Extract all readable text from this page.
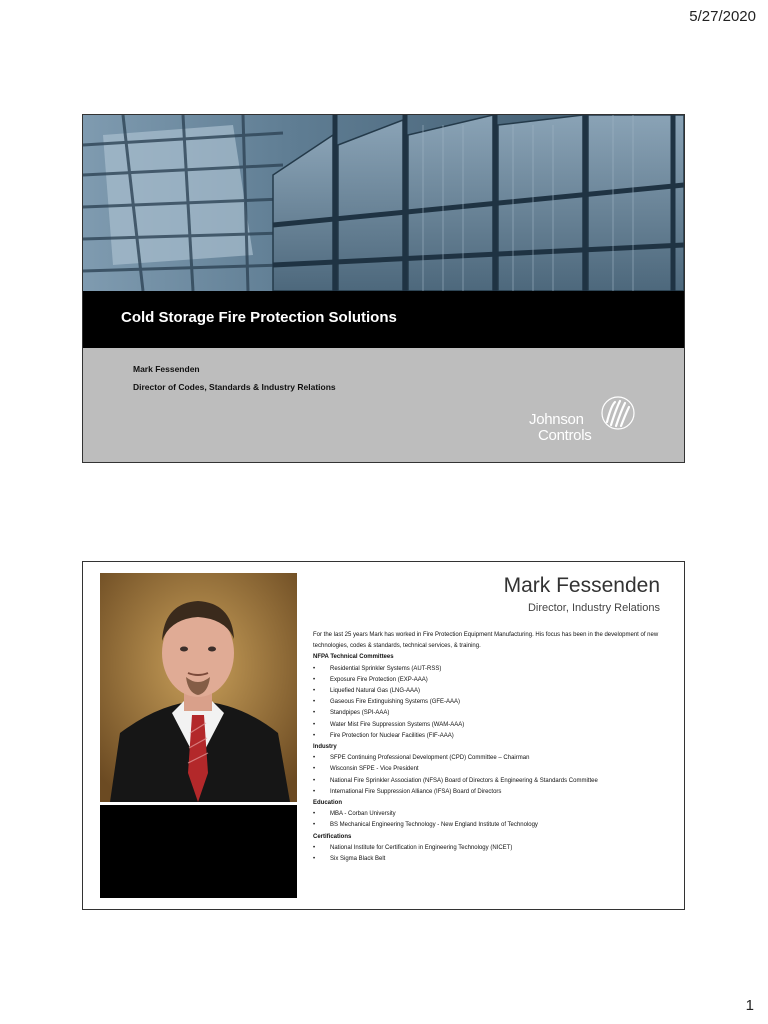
5/27/2020
Cold Storage Fire Protection Solutions
Mark Fessenden
Director of Codes, Standards & Industry Relations
Johnson
Controls
Mark Fessenden
Director, Industry Relations

For the last 25 years Mark has worked in Fire Protection Equipment Manufacturing. His focus has been in the development of new technologies, codes & standards, technical services, & training.

NFPA Technical Committees

• Residential Sprinkler Systems (AUT-RSS)
• Exposure Fire Protection (EXP-AAA)
• Liquefied Natural Gas (LNG-AAA)
• Gaseous Fire Extinguishing Systems (GFE-AAA)
• Standpipes (SPI-AAA)
• Water Mist Fire Suppression Systems (WAM-AAA)
• Fire Protection for Nuclear Facilities (FIF-AAA)

Industry

• SFPE Continuing Professional Development (CPD) Committee – Chairman
• Wisconsin SFPE - Vice President
• National Fire Sprinkler Association (NFSA) Board of Directors & Engineering & Standards Committee
• International Fire Suppression Alliance (IFSA) Board of Directors

Education

• MBA - Corban University
• BS Mechanical Engineering Technology - New England Institute of Technology

Certifications

• National Institute for Certification in Engineering Technology (NICET)
• Six Sigma Black Belt
1
